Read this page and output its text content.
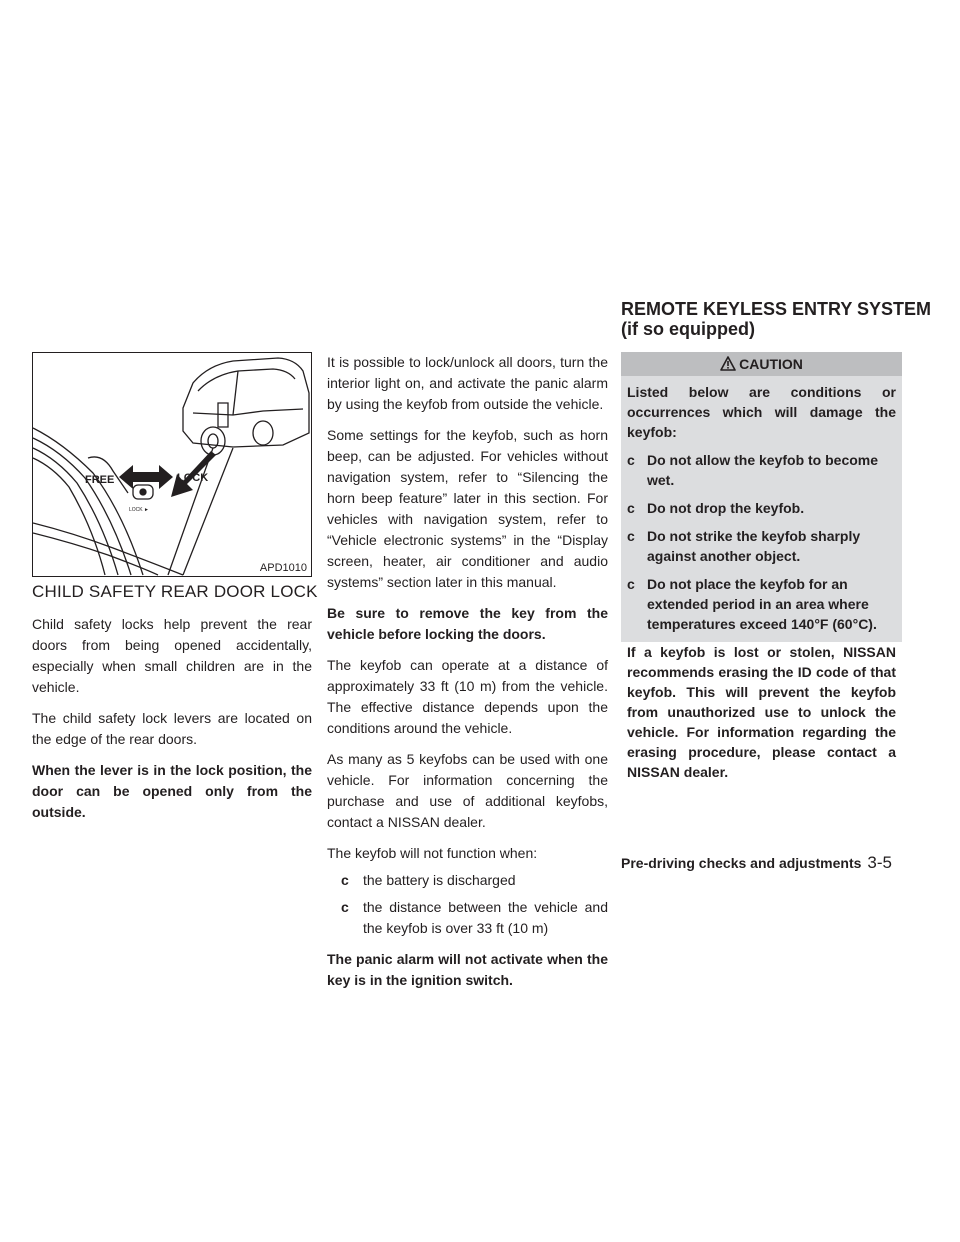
REMOTE KEYLESS ENTRY SYSTEM
(if so equipped)
LOCK ►
FREE	LOCK
APD1010
CHILD SAFETY REAR DOOR LOCK

Child safety locks help prevent the rear doors from being opened accidentally, especially when small children are in the vehicle.

The child safety lock levers are located on the edge of the rear doors.

When the lever is in the lock position, the door can be opened only from the outside.

It is possible to lock/unlock all doors, turn the interior light on, and activate the panic alarm by using the keyfob from outside the vehicle.

Some settings for the keyfob, such as horn beep, can be adjusted. For vehicles without navigation system, refer to “Silencing the horn beep feature” later in this section. For vehicles with navigation system, refer to “Vehicle electronic systems” in the “Display screen, heater, air conditioner and audio systems” section later in this manual.

Be sure to remove the key from the vehicle before locking the doors.

The keyfob can operate at a distance of approximately 33 ft (10 m) from the vehicle. The effective distance depends upon the conditions around the vehicle.

As many as 5 keyfobs can be used with one vehicle. For information concerning the purchase and use of additional keyfobs, contact a NISSAN dealer.

The keyfob will not function when:

c the battery is discharged
c the distance between the vehicle and the keyfob is over 33 ft (10 m)

The panic alarm will not activate when the key is in the ignition switch.

CAUTION

Listed below are conditions or occurrences which will damage the keyfob:

c Do not allow the keyfob to become wet.
c Do not drop the keyfob.
c Do not strike the keyfob sharply against another object.
c Do not place the keyfob for an extended period in an area where temperatures exceed 140°F (60°C).

If a keyfob is lost or stolen, NISSAN recommends erasing the ID code of that keyfob. This will prevent the keyfob from unauthorized use to unlock the vehicle. For information regarding the erasing procedure, please contact a NISSAN dealer.

Pre-driving checks and adjustments 3-5
